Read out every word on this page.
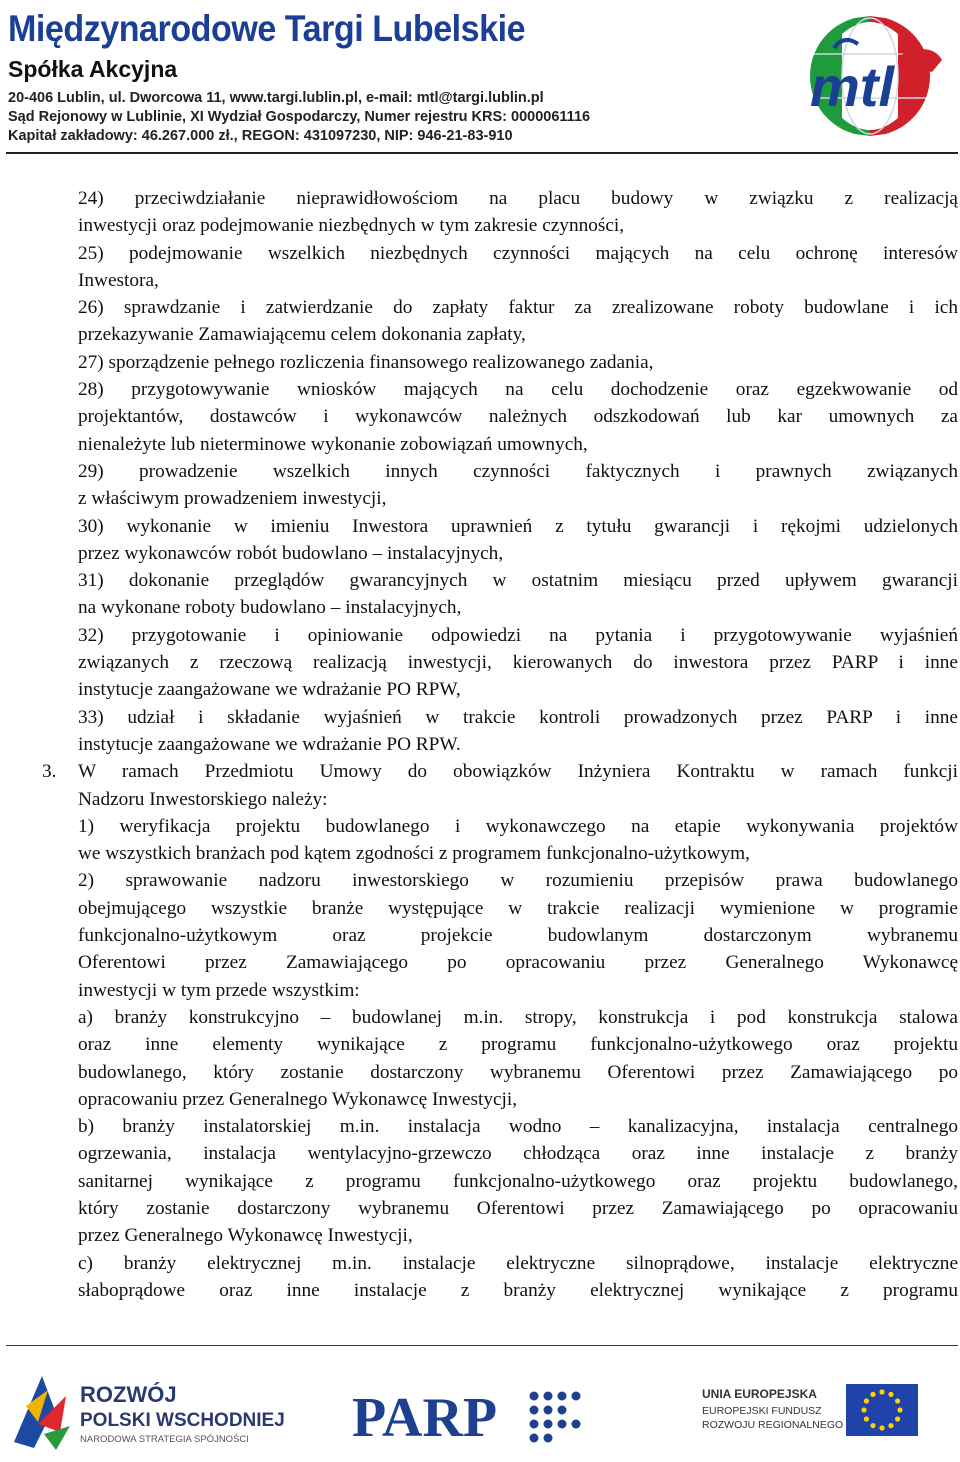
Międzynarodowe Targi Lubelskie
Spółka Akcyjna
20-406 Lublin, ul. Dworcowa 11, www.targi.lublin.pl, e-mail: mtl@targi.lublin.pl
Sąd Rejonowy w Lublinie, XI Wydział Gospodarczy, Numer rejestru KRS: 0000061116
Kapitał zakładowy: 46.267.000 zł., REGON: 431097230, NIP: 946-21-83-910
mtl
24) przeciwdziałanie nieprawidłowościom na placu budowy w związku z realizacją
inwestycji oraz podejmowanie niezbędnych w tym zakresie czynności,
25) podejmowanie wszelkich niezbędnych czynności mających na celu ochronę interesów
Inwestora,
26) sprawdzanie i zatwierdzanie do zapłaty faktur za zrealizowane roboty budowlane i ich
przekazywanie Zamawiającemu celem dokonania zapłaty,
27) sporządzenie pełnego rozliczenia finansowego realizowanego zadania,
28) przygotowywanie wniosków mających na celu dochodzenie oraz egzekwowanie od
projektantów, dostawców i wykonawców należnych odszkodowań lub kar umownych za
nienależyte lub nieterminowe wykonanie zobowiązań umownych,
29) prowadzenie wszelkich innych czynności faktycznych i prawnych związanych
z właściwym prowadzeniem inwestycji,
30) wykonanie w imieniu Inwestora uprawnień z tytułu gwarancji i rękojmi udzielonych
przez wykonawców robót budowlano – instalacyjnych,
31) dokonanie przeglądów gwarancyjnych w ostatnim miesiącu przed upływem gwarancji
na wykonane roboty budowlano – instalacyjnych,
32) przygotowanie i opiniowanie odpowiedzi na pytania i przygotowywanie wyjaśnień
związanych z rzeczową realizacją inwestycji, kierowanych do inwestora przez PARP i inne
instytucje zaangażowane we wdrażanie PO RPW,
33) udział i składanie wyjaśnień w trakcie kontroli prowadzonych przez PARP i inne
instytucje zaangażowane we wdrażanie PO RPW.
3. W ramach Przedmiotu Umowy do obowiązków Inżyniera Kontraktu w ramach funkcji
Nadzoru Inwestorskiego należy:
1) weryfikacja projektu budowlanego i wykonawczego na etapie wykonywania projektów
we wszystkich branżach pod kątem zgodności z programem funkcjonalno-użytkowym,
2) sprawowanie nadzoru inwestorskiego w rozumieniu przepisów prawa budowlanego
obejmującego wszystkie branże występujące w trakcie realizacji wymienione w programie
funkcjonalno-użytkowym oraz projekcie budowlanym dostarczonym wybranemu
Oferentowi przez Zamawiającego po opracowaniu przez Generalnego Wykonawcę
inwestycji w tym przede wszystkim:
a) branży konstrukcyjno – budowlanej m.in. stropy, konstrukcja i pod konstrukcja stalowa
oraz inne elementy wynikające z programu funkcjonalno-użytkowego oraz projektu
budowlanego, który zostanie dostarczony wybranemu Oferentowi przez Zamawiającego po
opracowaniu przez Generalnego Wykonawcę Inwestycji,
b) branży instalatorskiej m.in. instalacja wodno – kanalizacyjna, instalacja centralnego
ogrzewania, instalacja wentylacyjno-grzewczo chłodząca oraz inne instalacje z branży
sanitarnej wynikające z programu funkcjonalno-użytkowego oraz projektu budowlanego,
który zostanie dostarczony wybranemu Oferentowi przez Zamawiającego po opracowaniu
przez Generalnego Wykonawcę Inwestycji,
c) branży elektrycznej m.in. instalacje elektryczne silnoprądowe, instalacje elektryczne
słaboprądowe oraz inne instalacje z branży elektrycznej wynikające z programu
ROZWÓJ
POLSKI WSCHODNIEJ
NARODOWA STRATEGIA SPÓJNOŚCI PARP	UNIA EUROPEJSKA
EUROPEJSKI FUNDUSZ
ROZWOJU REGIONALNEGO
